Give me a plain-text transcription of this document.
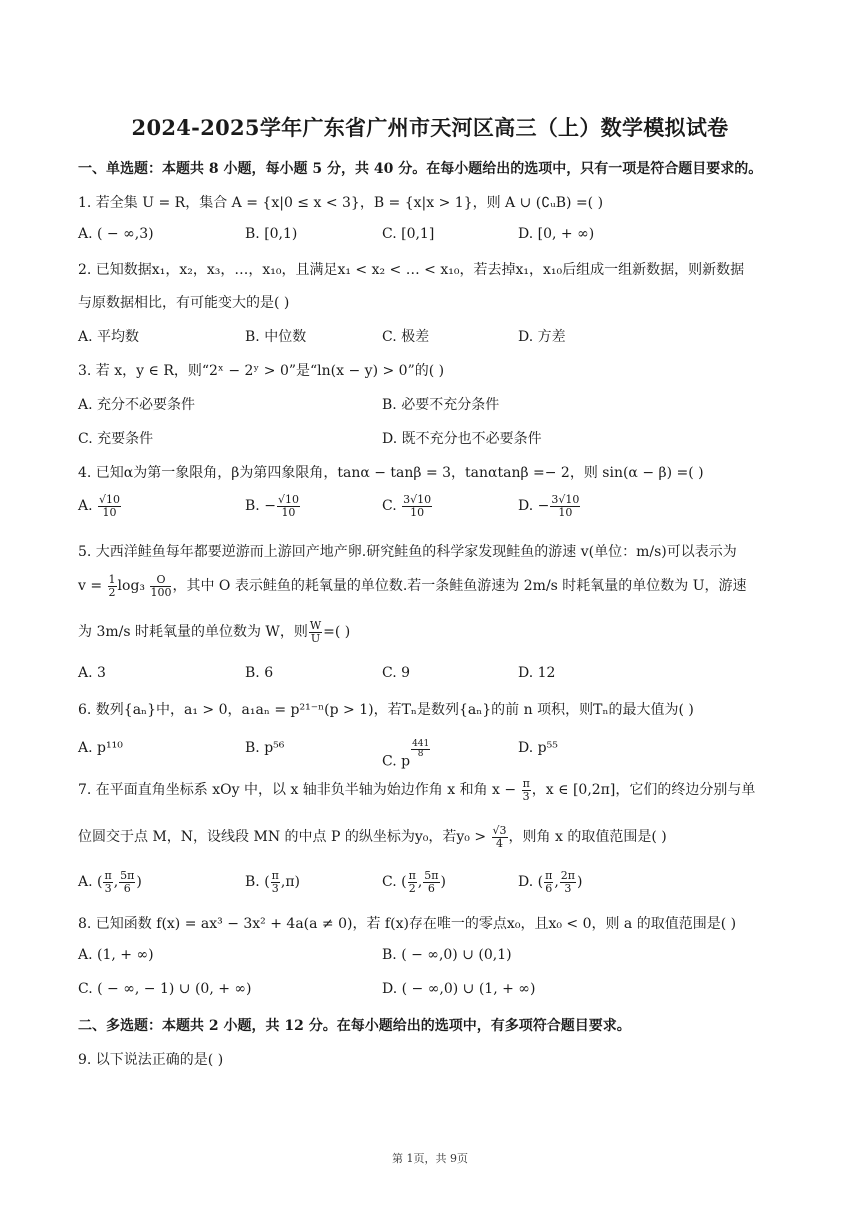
2024-2025学年广东省广州市天河区高三（上）数学模拟试卷
一、单选题：本题共 8 小题，每小题 5 分，共 40 分。在每小题给出的选项中，只有一项是符合题目要求的。
1. 若全集 U = R，集合 A = {x|0 ≤ x < 3}，B = {x|x > 1}，则 A ∪ (∁ᵤB) =( )
A. ( − ∞,3)	B. [0,1)	C. [0,1]	D. [0, + ∞)
2. 已知数据x₁，x₂，x₃，…，x₁₀，且满足x₁ < x₂ < … < x₁₀，若去掉x₁，x₁₀后组成一组新数据，则新数据
与原数据相比，有可能变大的是( )
A. 平均数	B. 中位数	C. 极差	D. 方差
3. 若 x，y ∈ R，则“2ˣ − 2ʸ > 0”是“ln(x − y) > 0”的( )
A. 充分不必要条件	B. 必要不充分条件
C. 充要条件	D. 既不充分也不必要条件
4. 已知α为第一象限角，β为第四象限角，tanα − tanβ = 3，tanαtanβ =− 2，则 sin(α − β) =( )
A. $\frac{√10}{10}$	B. − $\frac{√10}{10}$	C. $\frac{3√10}{10}$	D. − $\frac{3√10}{10}$
5. 大西洋鲑鱼每年都要逆游而上游回产地产卵.研究鲑鱼的科学家发现鲑鱼的游速 v(单位：m/s)可以表示为
$v = \frac{1}{2} \log_3 \frac{O}{100}$ ，其中 O 表示鲑鱼的耗氧量的单位数.若一条鲑鱼游速为 2m/s 时耗氧量的单位数为 U，游速
为 3m/s 时耗氧量的单位数为 W，则 $\frac{W}{U}$ =( )
A. 3	B. 6	C. 9	D. 12
6. 数列{aₙ}中，a₁ > 0，a₁aₙ = p²¹⁻ⁿ(p > 1)，若Tₙ是数列{aₙ}的前 n 项积，则Tₙ的最大值为( )
A. p¹¹⁰	B. p⁵⁶
C. p
$\frac{441}{8}$	D. p⁵⁵
7. 在平面直角坐标系 xOy 中，以 x 轴非负半轴为始边作角 x 和角 $x - \frac{\pi}{3}$ ，x ∈ [0,2π]，它们的终边分别与单
位圆交于点 M，N，设线段 MN 的中点 P 的纵坐标为y₀，若$y_0 > \frac{√3}{4}$ ，则角 x 的取值范围是( )
A. ( $\frac{\pi}{3}$ , $\frac{5\pi}{6}$ )	B. ( $\frac{\pi}{3} ,\pi$)	C. ( $\frac{\pi}{2}$ , $\frac{5\pi}{6}$ )	D. ( $\frac{\pi}{6}$ , $\frac{2\pi}{3}$ )
8. 已知函数 f(x) = ax³ − 3x² + 4a(a ≠ 0)，若 f(x)存在唯一的零点x₀，且x₀ < 0，则 a 的取值范围是( )
A. (1, + ∞)	B. ( − ∞,0) ∪ (0,1)
C. ( − ∞, − 1) ∪ (0, + ∞)	D. ( − ∞,0) ∪ (1, + ∞)
二、多选题：本题共 2 小题，共 12 分。在每小题给出的选项中，有多项符合题目要求。
9. 以下说法正确的是( )
第 1页，共 9页
